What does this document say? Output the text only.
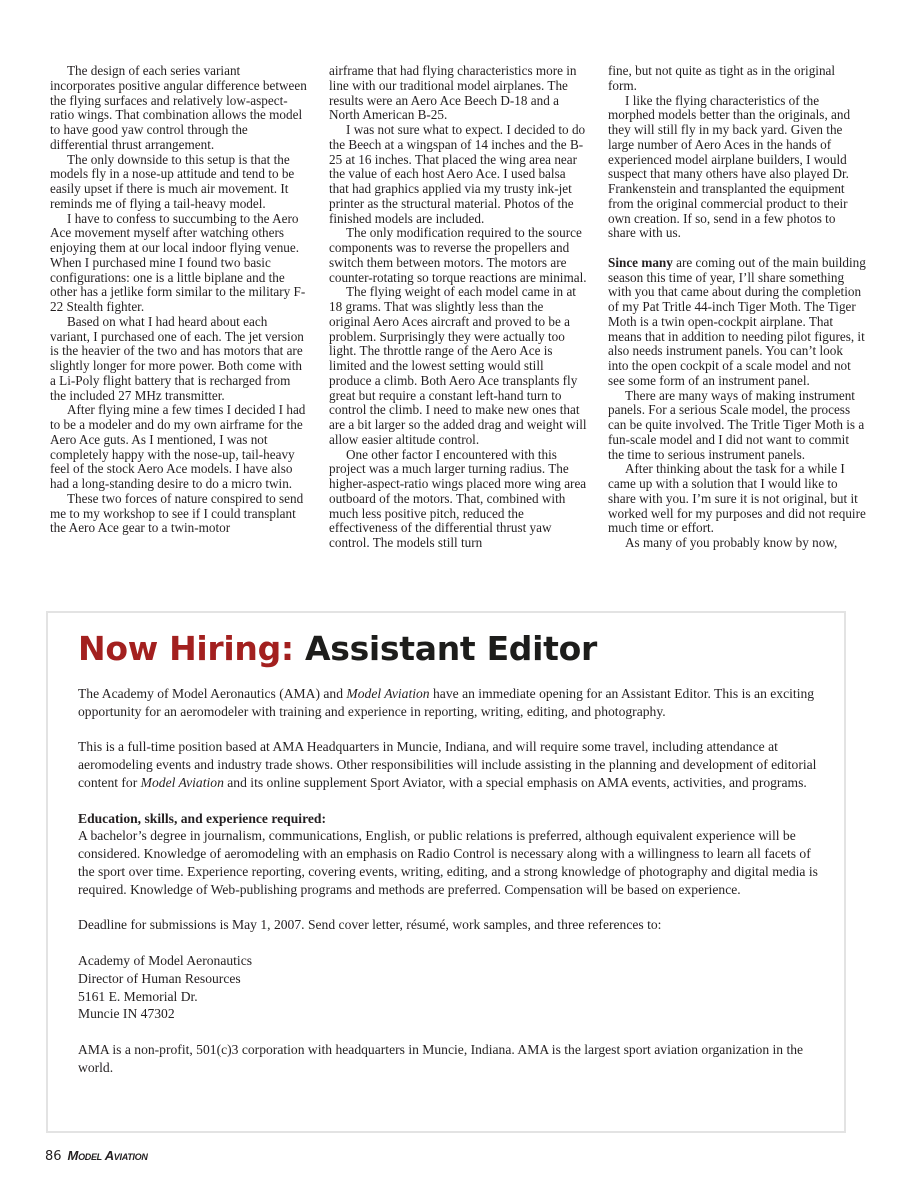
The design of each series variant incorporates positive angular difference between the flying surfaces and relatively low-aspect-ratio wings. That combination allows the model to have good yaw control through the differential thrust arrangement.

The only downside to this setup is that the models fly in a nose-up attitude and tend to be easily upset if there is much air movement. It reminds me of flying a tail-heavy model.

I have to confess to succumbing to the Aero Ace movement myself after watching others enjoying them at our local indoor flying venue. When I purchased mine I found two basic configurations: one is a little biplane and the other has a jetlike form similar to the military F-22 Stealth fighter.

Based on what I had heard about each variant, I purchased one of each. The jet version is the heavier of the two and has motors that are slightly longer for more power. Both come with a Li-Poly flight battery that is recharged from the included 27 MHz transmitter.

After flying mine a few times I decided I had to be a modeler and do my own airframe for the Aero Ace guts. As I mentioned, I was not completely happy with the nose-up, tail-heavy feel of the stock Aero Ace models. I have also had a long-standing desire to do a micro twin.

These two forces of nature conspired to send me to my workshop to see if I could transplant the Aero Ace gear to a twin-motor

airframe that had flying characteristics more in line with our traditional model airplanes. The results were an Aero Ace Beech D-18 and a North American B-25.

I was not sure what to expect. I decided to do the Beech at a wingspan of 14 inches and the B-25 at 16 inches. That placed the wing area near the value of each host Aero Ace. I used balsa that had graphics applied via my trusty ink-jet printer as the structural material. Photos of the finished models are included.

The only modification required to the source components was to reverse the propellers and switch them between motors. The motors are counter-rotating so torque reactions are minimal.

The flying weight of each model came in at 18 grams. That was slightly less than the original Aero Aces aircraft and proved to be a problem. Surprisingly they were actually too light. The throttle range of the Aero Ace is limited and the lowest setting would still produce a climb. Both Aero Ace transplants fly great but require a constant left-hand turn to control the climb. I need to make new ones that are a bit larger so the added drag and weight will allow easier altitude control.

One other factor I encountered with this project was a much larger turning radius. The higher-aspect-ratio wings placed more wing area outboard of the motors. That, combined with much less positive pitch, reduced the effectiveness of the differential thrust yaw control. The models still turn

fine, but not quite as tight as in the original form.

I like the flying characteristics of the morphed models better than the originals, and they will still fly in my back yard. Given the large number of Aero Aces in the hands of experienced model airplane builders, I would suspect that many others have also played Dr. Frankenstein and transplanted the equipment from the original commercial product to their own creation. If so, send in a few photos to share with us.

Since many are coming out of the main building season this time of year, I’ll share something with you that came about during the completion of my Pat Tritle 44-inch Tiger Moth. The Tiger Moth is a twin open-cockpit airplane. That means that in addition to needing pilot figures, it also needs instrument panels. You can’t look into the open cockpit of a scale model and not see some form of an instrument panel.

There are many ways of making instrument panels. For a serious Scale model, the process can be quite involved. The Tritle Tiger Moth is a fun-scale model and I did not want to commit the time to serious instrument panels.

After thinking about the task for a while I came up with a solution that I would like to share with you. I’m sure it is not original, but it worked well for my purposes and did not require much time or effort.

As many of you probably know by now,

Now Hiring: Assistant Editor

The Academy of Model Aeronautics (AMA) and Model Aviation have an immediate opening for an Assistant Editor. This is an exciting opportunity for an aeromodeler with training and experience in reporting, writing, editing, and photography.

This is a full-time position based at AMA Headquarters in Muncie, Indiana, and will require some travel, including attendance at aeromodeling events and industry trade shows. Other responsibilities will include assisting in the planning and development of editorial content for Model Aviation and its online supplement Sport Aviator, with a special emphasis on AMA events, activities, and programs.

Education, skills, and experience required:
A bachelor’s degree in journalism, communications, English, or public relations is preferred, although equivalent experience will be considered. Knowledge of aeromodeling with an emphasis on Radio Control is necessary along with a willingness to learn all facets of the sport over time. Experience reporting, covering events, writing, editing, and a strong knowledge of photography and digital media is required. Knowledge of Web-publishing programs and methods are preferred. Compensation will be based on experience.

Deadline for submissions is May 1, 2007. Send cover letter, résumé, work samples, and three references to:

Academy of Model Aeronautics
Director of Human Resources
5161 E. Memorial Dr.
Muncie IN 47302

AMA is a non-profit, 501(c)3 corporation with headquarters in Muncie, Indiana. AMA is the largest sport aviation organization in the world.

86 Model Aviation
